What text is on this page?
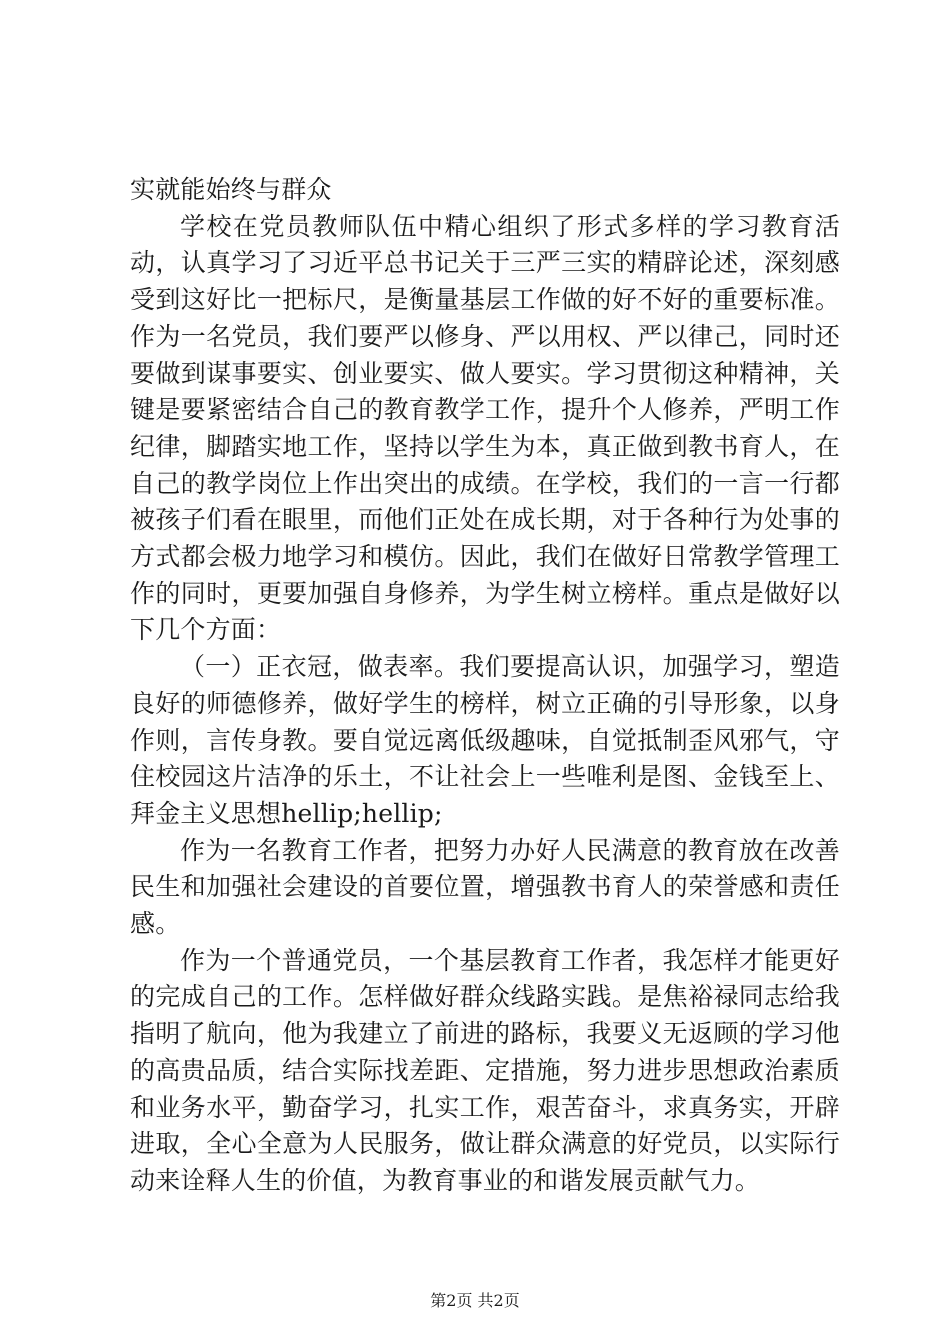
实就能始终与群众

学校在党员教师队伍中精心组织了形式多样的学习教育活动，认真学习了习近平总书记关于三严三实的精辟论述，深刻感受到这好比一把标尺，是衡量基层工作做的好不好的重要标准。作为一名党员，我们要严以修身、严以用权、严以律己，同时还要做到谋事要实、创业要实、做人要实。学习贯彻这种精神，关键是要紧密结合自己的教育教学工作，提升个人修养，严明工作纪律，脚踏实地工作，坚持以学生为本，真正做到教书育人，在自己的教学岗位上作出突出的成绩。在学校，我们的一言一行都被孩子们看在眼里，而他们正处在成长期，对于各种行为处事的方式都会极力地学习和模仿。因此，我们在做好日常教学管理工作的同时，更要加强自身修养，为学生树立榜样。重点是做好以下几个方面：

（一）正衣冠，做表率。我们要提高认识，加强学习，塑造良好的师德修养，做好学生的榜样，树立正确的引导形象，以身作则，言传身教。要自觉远离低级趣味，自觉抵制歪风邪气，守住校园这片洁净的乐土，不让社会上一些唯利是图、金钱至上、拜金主义思想hellip;hellip;

作为一名教育工作者，把努力办好人民满意的教育放在改善民生和加强社会建设的首要位置，增强教书育人的荣誉感和责任感。

作为一个普通党员，一个基层教育工作者，我怎样才能更好的完成自己的工作。怎样做好群众线路实践。是焦裕禄同志给我指明了航向，他为我建立了前进的路标，我要义无返顾的学习他的高贵品质，结合实际找差距、定措施，努力进步思想政治素质和业务水平，勤奋学习，扎实工作，艰苦奋斗，求真务实，开辟进取，全心全意为人民服务，做让群众满意的好党员，以实际行动来诠释人生的价值，为教育事业的和谐发展贡献气力。

第2页 共2页
